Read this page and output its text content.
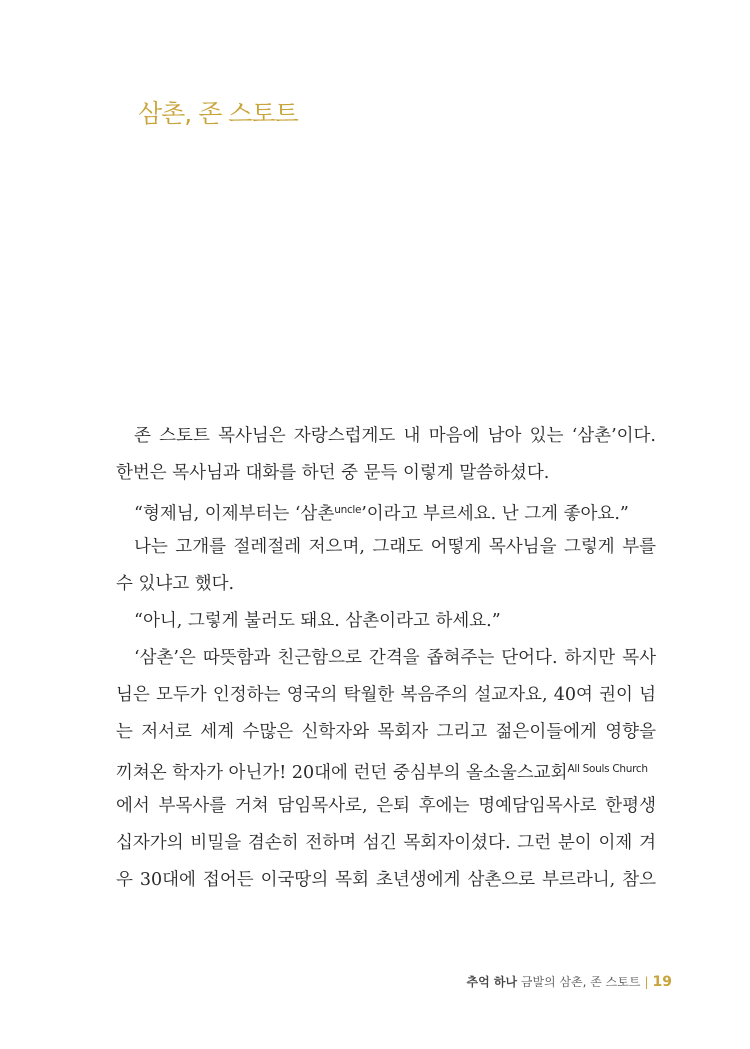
삼촌, 존 스토트
존 스토트 목사님은 자랑스럽게도 내 마음에 남아 있는 ‘삼촌’이다.
한번은 목사님과 대화를 하던 중 문득 이렇게 말씀하셨다.
“형제님, 이제부터는 ‘삼촌$^{uncle}$’이라고 부르세요. 난 그게 좋아요.”
나는 고개를 절레절레 저으며, 그래도 어떻게 목사님을 그렇게 부를
수 있냐고 했다.
“아니, 그렇게 불러도 돼요. 삼촌이라고 하세요.”
‘삼촌’은 따뜻함과 친근함으로 간격을 좁혀주는 단어다. 하지만 목사
님은 모두가 인정하는 영국의 탁월한 복음주의 설교자요, 40여 권이 넘
는 저서로 세계 수많은 신학자와 목회자 그리고 젊은이들에게 영향을
끼쳐온 학자가 아닌가! 20대에 런던 중심부의 올소울스교회$^{All Souls Church}$
에서 부목사를 거쳐 담임목사로, 은퇴 후에는 명예담임목사로 한평생
십자가의 비밀을 겸손히 전하며 섬긴 목회자이셨다. 그런 분이 이제 겨
우 30대에 접어든 이국땅의 목회 초년생에게 삼촌으로 부르라니, 참으
추억 하나 금발의 삼촌, 존 스토트 | 19
